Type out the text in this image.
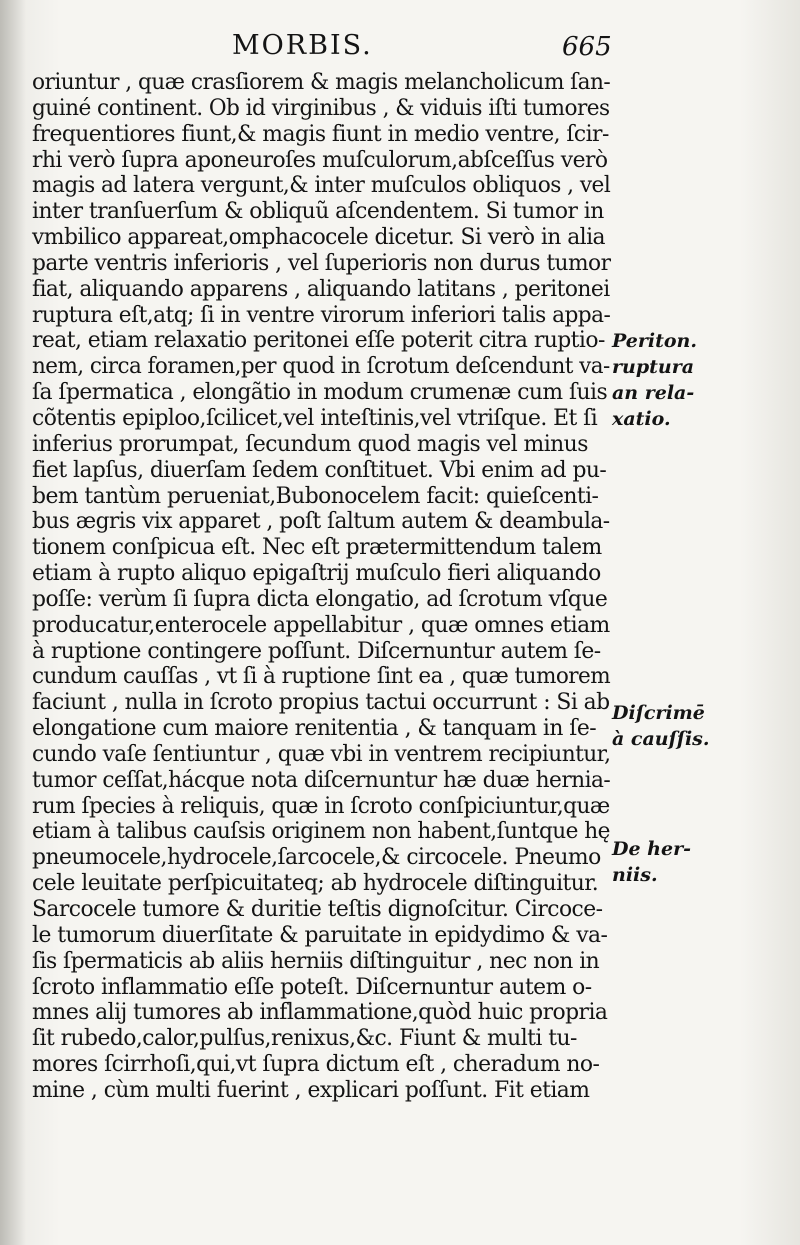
MORBIS.	665
oriuntur , quæ crasſiorem & magis melancholicum ſan-
guiné continent. Ob id virginibus , & viduis iſti tumores
frequentiores fiunt,& magis fiunt in medio ventre, ſcir-
rhi verò ſupra aponeuroſes muſculorum,abſceſſus verò
magis ad latera vergunt,& inter muſculos obliquos , vel
inter tranſuerſum & obliquũ aſcendentem. Si tumor in
vmbilico appareat,omphacocele dicetur. Si verò in alia
parte ventris inferioris , vel ſuperioris non durus tumor
fiat, aliquando apparens , aliquando latitans , peritonei
ruptura eſt,atq; ſi in ventre virorum inferiori talis appa-
reat, etiam relaxatio peritonei eſſe poterit citra ruptio-
nem, circa foramen,per quod in ſcrotum deſcendunt va-
ſa ſpermatica , elongãtio in modum crumenæ cum ſuis
cõtentis epiploo,ſcilicet,vel inteſtinis,vel vtriſque. Et ſi
inferius prorumpat, ſecundum quod magis vel minus
fiet lapſus, diuerſam ſedem conſtituet. Vbi enim ad pu-
bem tantùm perueniat,Bubonocelem facit: quieſcenti-
bus ægris vix apparet , poſt ſaltum autem & deambula-
tionem conſpicua eſt. Nec eſt prætermittendum talem
etiam à rupto aliquo epigaſtrij muſculo fieri aliquando
poſſe: verùm ſi ſupra dicta elongatio, ad ſcrotum vſque
producatur,enterocele appellabitur , quæ omnes etiam
à ruptione contingere poſſunt. Diſcernuntur autem ſe-
cundum cauſſas , vt ſi à ruptione ſint ea , quæ tumorem
faciunt , nulla in ſcroto propius tactui occurrunt : Si ab
elongatione cum maiore renitentia , & tanquam in ſe-
cundo vaſe ſentiuntur , quæ vbi in ventrem recipiuntur,
tumor ceſſat,hácque nota diſcernuntur hæ duæ hernia-
rum ſpecies à reliquis, quæ in ſcroto conſpiciuntur,quæ
etiam à talibus cauſsis originem non habent,ſuntque hę
pneumocele,hydrocele,ſarcocele,& circocele. Pneumo
cele leuitate perſpicuitateq; ab hydrocele diſtinguitur.
Sarcocele tumore & duritie teſtis dignoſcitur. Circoce-
le tumorum diuerſitate & paruitate in epidydimo & va-
ſis ſpermaticis ab aliis herniis diſtinguitur , nec non in
ſcroto inflammatio eſſe poteſt. Diſcernuntur autem o-
mnes alij tumores ab inflammatione,quòd huic propria
ſit rubedo,calor,pulſus,renixus,&c. Fiunt & multi tu-
mores ſcirrhoſi,qui,vt ſupra dictum eſt , cheradum no-
mine , cùm multi fuerint , explicari poſſunt. Fit etiam
Periton.
ruptura
an rela-
xatio.
Diſcrimē
à cauſſis.
De her-
niis.
